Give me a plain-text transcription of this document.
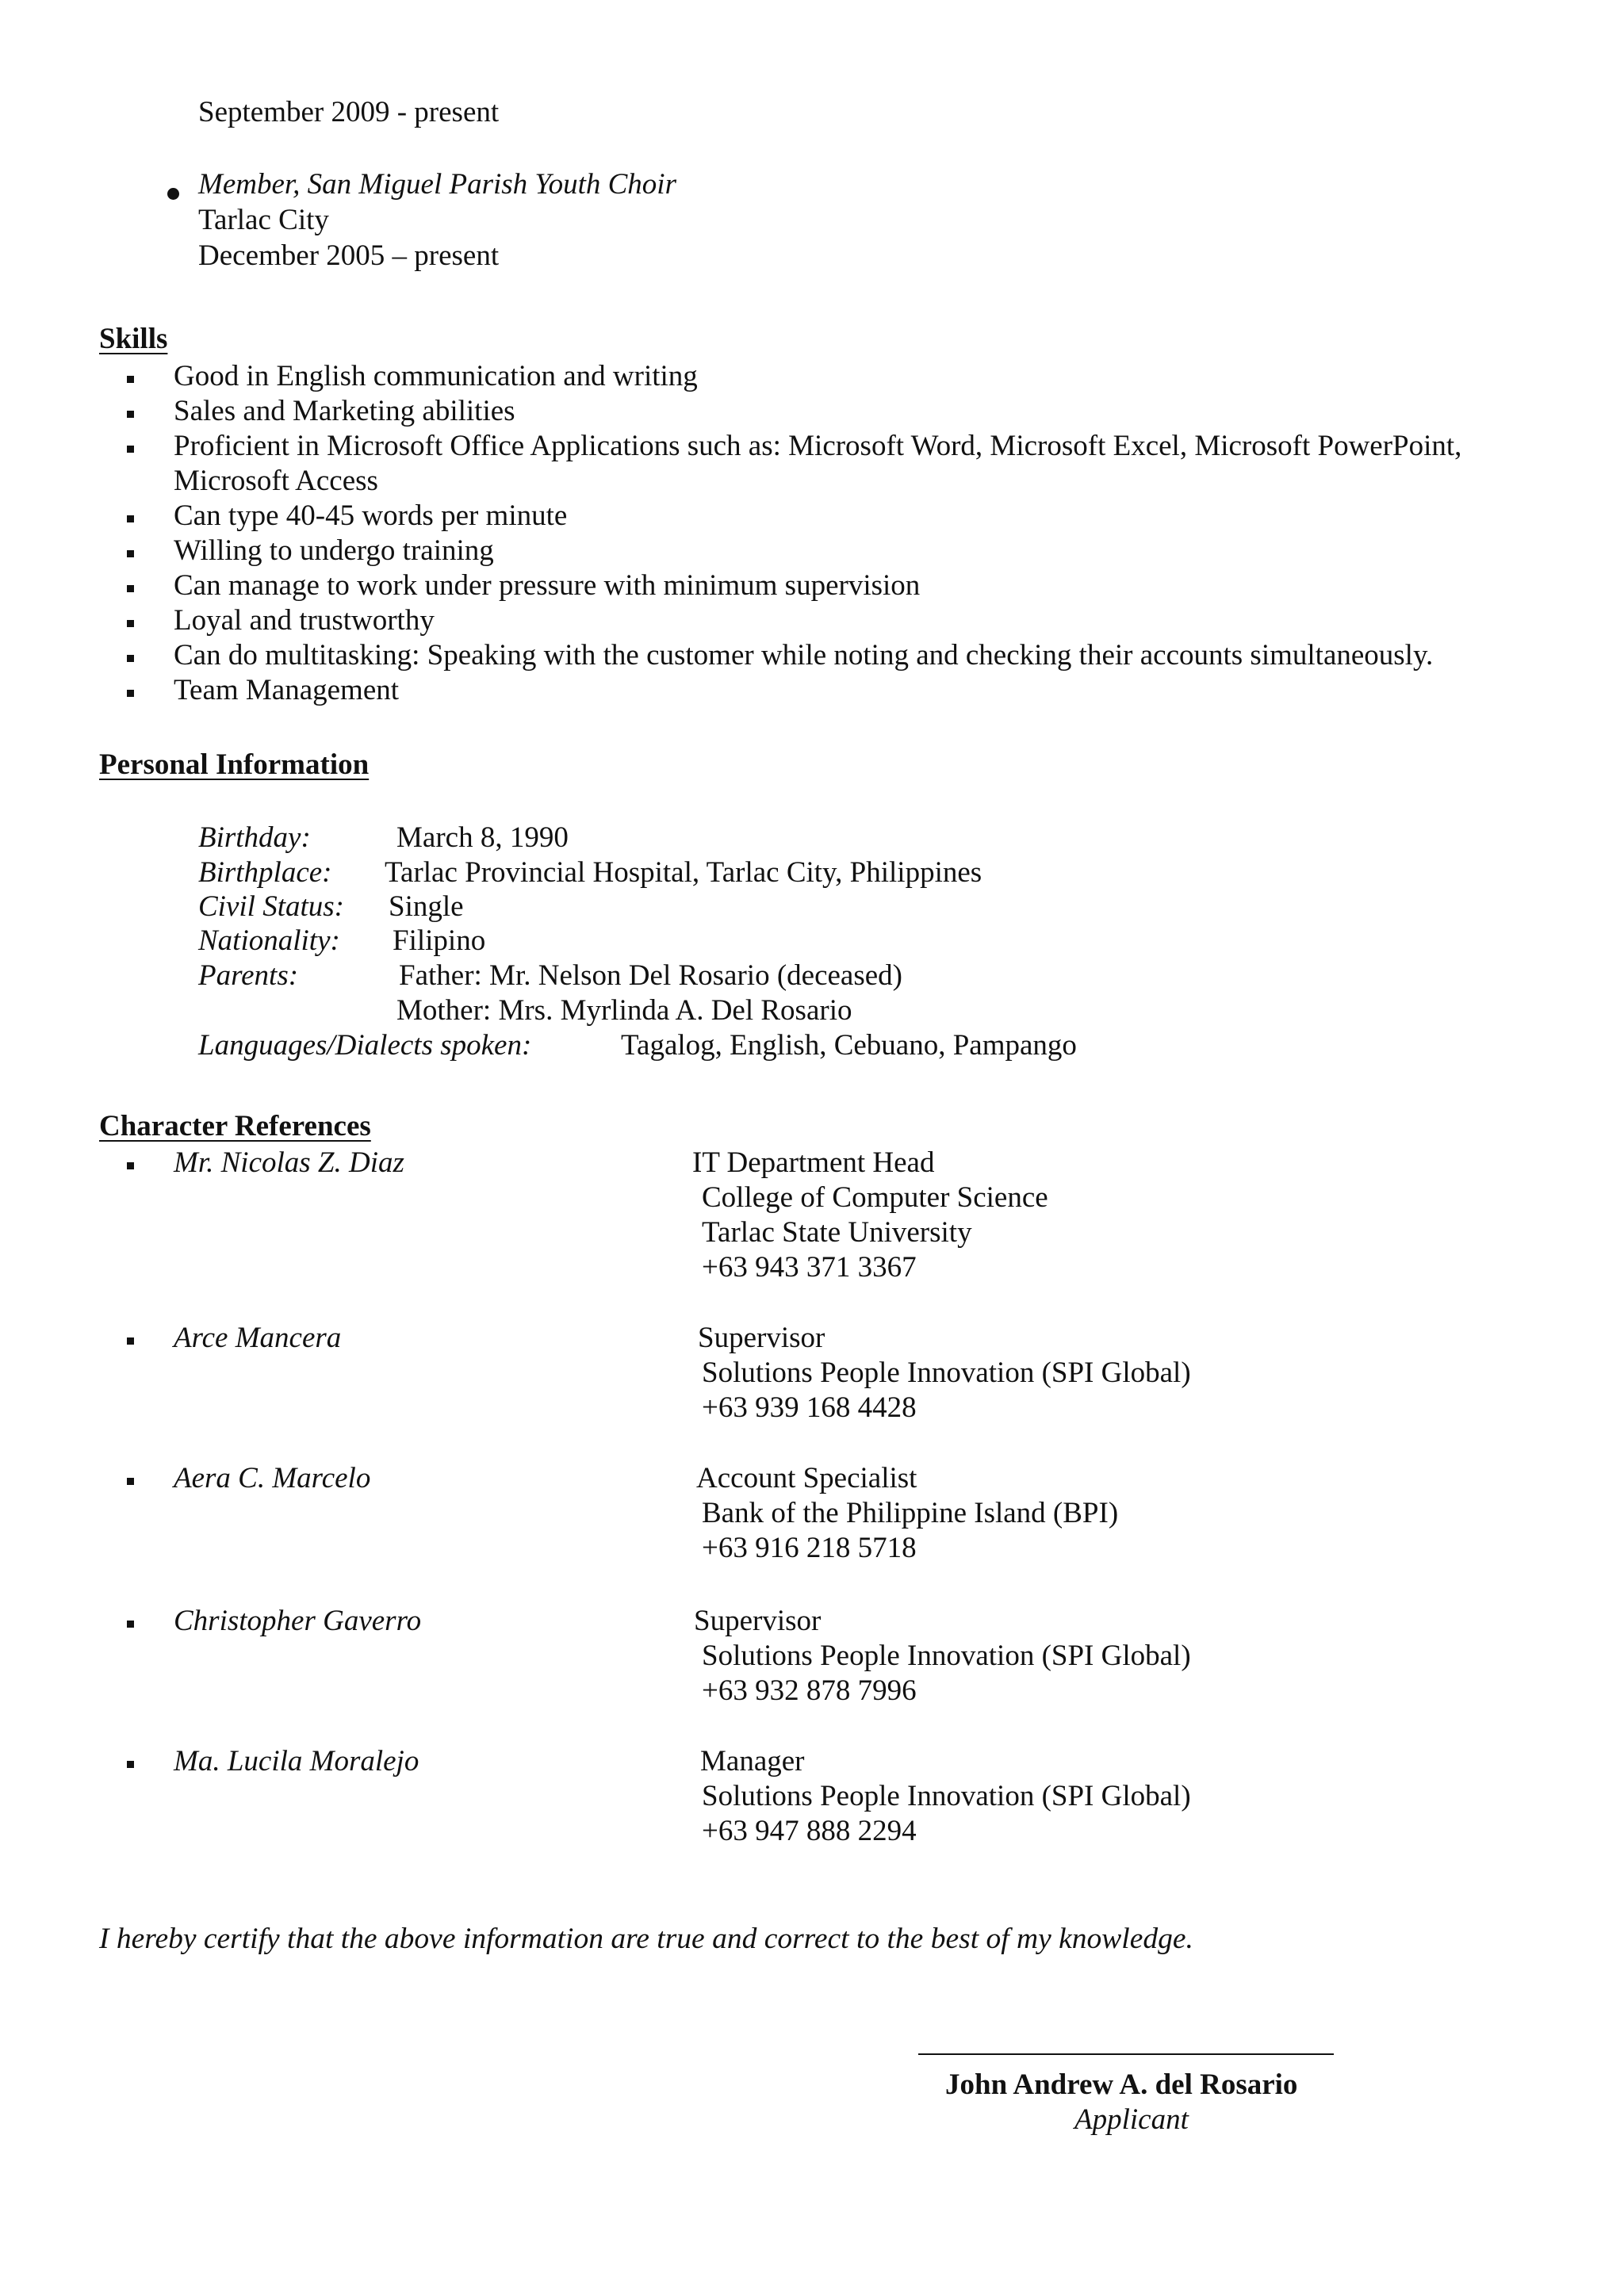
September 2009 - present
Member, San Miguel Parish Youth Choir
Tarlac City
December 2005 – present
Skills
Good in English communication and writing
Sales and Marketing abilities
Proficient in Microsoft Office Applications such as: Microsoft Word, Microsoft Excel, Microsoft PowerPoint,
Microsoft Access
Can type 40-45 words per minute
Willing to undergo training
Can manage to work under pressure with minimum supervision
Loyal and trustworthy
Can do multitasking: Speaking with the customer while noting and checking their accounts simultaneously.
Team Management
Personal Information
Birthday:	March 8, 1990
Birthplace: Tarlac Provincial Hospital, Tarlac City, Philippines
Civil Status: Single
Nationality: Filipino
Parents:	Father: Mr. Nelson Del Rosario (deceased)
Mother: Mrs. Myrlinda A. Del Rosario
Languages/Dialects spoken:	Tagalog, English, Cebuano, Pampango
Character References
Mr. Nicolas Z. Diaz	IT Department Head
College of Computer Science
Tarlac State University
+63 943 371 3367
Arce Mancera	Supervisor
Solutions People Innovation (SPI Global)
+63 939 168 4428
Aera C. Marcelo	Account Specialist
Bank of the Philippine Island (BPI)
+63 916 218 5718
Christopher Gaverro	Supervisor
Solutions People Innovation (SPI Global)
+63 932 878 7996
Ma. Lucila Moralejo	Manager
Solutions People Innovation (SPI Global)
+63 947 888 2294
I hereby certify that the above information are true and correct to the best of my knowledge.
John Andrew A. del Rosario
Applicant
